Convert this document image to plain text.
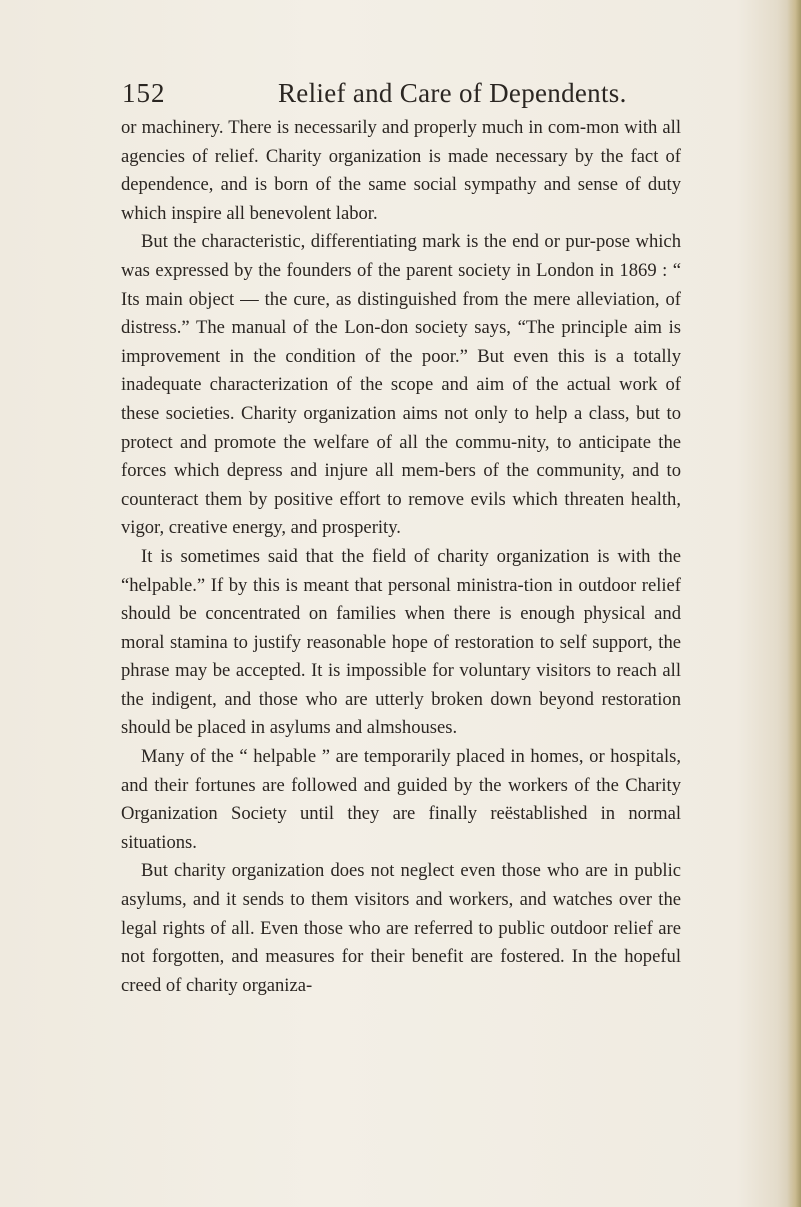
152	Relief and Care of Dependents.

or machinery. There is necessarily and properly much in com-mon with all agencies of relief. Charity organization is made necessary by the fact of dependence, and is born of the same social sympathy and sense of duty which inspire all benevolent labor.

But the characteristic, differentiating mark is the end or pur-pose which was expressed by the founders of the parent society in London in 1869 : “ Its main object — the cure, as distinguished from the mere alleviation, of distress.” The manual of the Lon-don society says, “The principle aim is improvement in the condition of the poor.” But even this is a totally inadequate characterization of the scope and aim of the actual work of these societies. Charity organization aims not only to help a class, but to protect and promote the welfare of all the commu-nity, to anticipate the forces which depress and injure all mem-bers of the community, and to counteract them by positive effort to remove evils which threaten health, vigor, creative energy, and prosperity.

It is sometimes said that the field of charity organization is with the “helpable.” If by this is meant that personal ministra-tion in outdoor relief should be concentrated on families when there is enough physical and moral stamina to justify reasonable hope of restoration to self support, the phrase may be accepted. It is impossible for voluntary visitors to reach all the indigent, and those who are utterly broken down beyond restoration should be placed in asylums and almshouses.

Many of the “ helpable ” are temporarily placed in homes, or hospitals, and their fortunes are followed and guided by the workers of the Charity Organization Society until they are finally reëstablished in normal situations.

But charity organization does not neglect even those who are in public asylums, and it sends to them visitors and workers, and watches over the legal rights of all. Even those who are referred to public outdoor relief are not forgotten, and measures for their benefit are fostered. In the hopeful creed of charity organiza-
